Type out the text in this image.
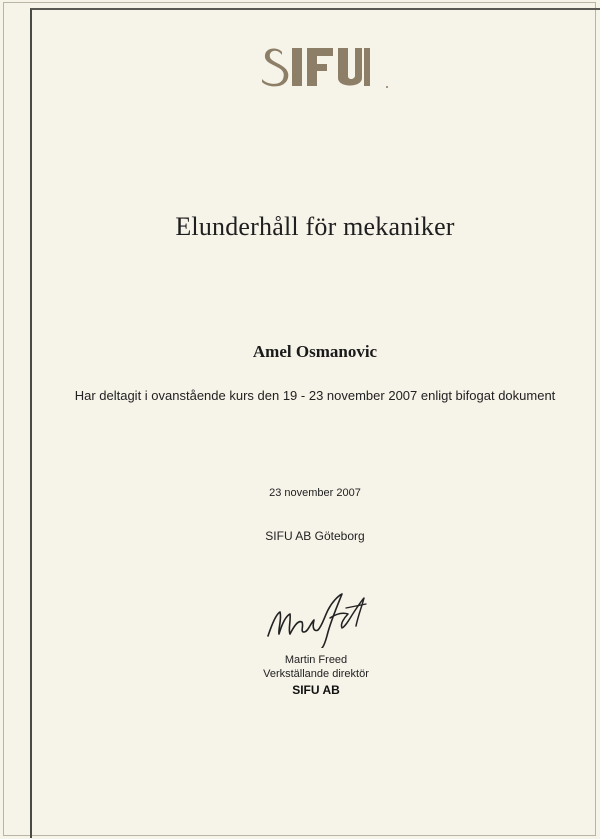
Elunderhåll för mekaniker
Amel Osmanovic
Har deltagit i ovanstående kurs den 19 - 23 november 2007 enligt bifogat dokument
23 november 2007
SIFU AB Göteborg
Martin Freed
Verkställande direktör
SIFU AB
